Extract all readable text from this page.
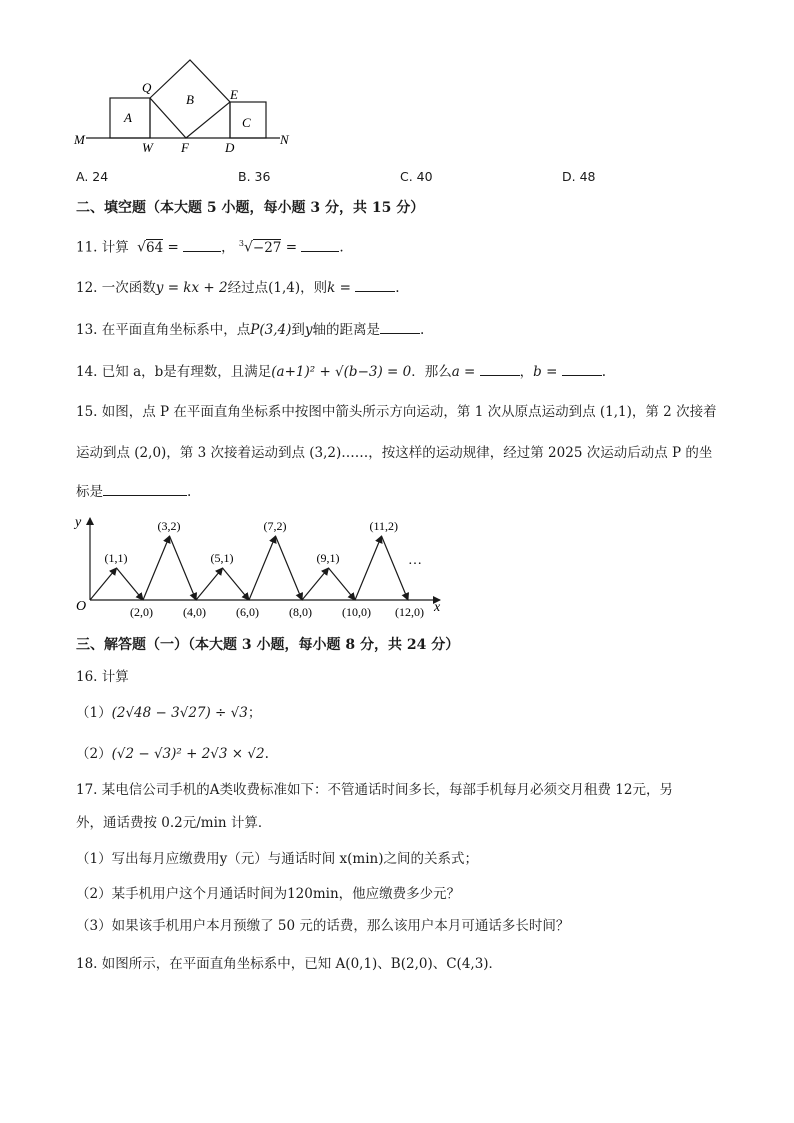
Q	E
A
B
C
M	N
W F	D
A. 24	B. 36	C. 40	D. 48
二、填空题（本大题 5 小题，每小题 3 分，共 15 分）
11. 计算 √64 =	， $^3$√−27 =	.
12. 一次函数y = kx + 2经过点(1,4)，则k =	.
13. 在平面直角坐标系中，点P(3,4)到y轴的距离是	.
14. 已知 a，b是有理数，且满足(a+1)² + √(b−3) = 0．那么a =	，b =	.
15. 如图，点 P 在平面直角坐标系中按图中箭头所示方向运动，第 1 次从原点运动到点 (1,1)，第 2 次接着
运动到点 (2,0)，第 3 次接着运动到点 (3,2)……，按这样的运动规律，经过第 2025 次运动后动点 P 的坐
标是	.
y
x
O
…
(1,1)
(3,2)
(5,1)
(7,2)
(9,1)
(11,2)
(2,0)	(4,0)	(6,0)	(8,0)	(10,0) (12,0)
三、解答题（一）（本大题 3 小题，每小题 8 分，共 24 分）
16. 计算
（1）(2√48 − 3√27) ÷ √3；
（2）(√2 − √3)² + 2√3 × √2.
17. 某电信公司手机的A类收费标准如下：不管通话时间多长，每部手机每月必须交月租费 12元，另
外，通话费按 0.2元/min 计算．
（1）写出每月应缴费用y（元）与通话时间 x(min)之间的关系式；
（2）某手机用户这个月通话时间为120min，他应缴费多少元？
（3）如果该手机用户本月预缴了 50 元的话费，那么该用户本月可通话多长时间？
18. 如图所示，在平面直角坐标系中，已知 A(0,1)、B(2,0)、C(4,3)．
